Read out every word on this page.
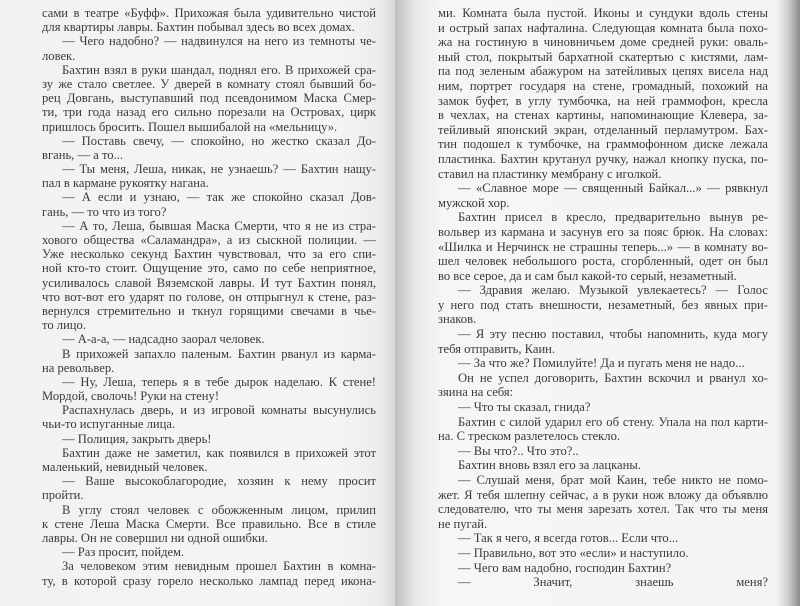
сами в театре «Буфф». Прихожая была удивительно чистой
для квартиры лавры. Бахтин побывал здесь во всех домах.
— Чего надобно? — надвинулся на него из темноты че-
ловек.
Бахтин взял в руки шандал, поднял его. В прихожей сра-
зу же стало светлее. У дверей в комнату стоял бывший бо-
рец Довгань, выступавший под псевдонимом Маска Смер-
ти, три года назад его сильно порезали на Островах, цирк
пришлось бросить. Пошел вышибалой на «мельницу».
— Поставь свечу, — спокойно, но жестко сказал До-
вгань, — а то...
— Ты меня, Леша, никак, не узнаешь? — Бахтин нащу-
пал в кармане рукоятку нагана.
— А если и узнаю, — так же спокойно сказал Дов-
гань, — то что из того?
— А то, Леша, бывшая Маска Смерти, что я не из стра-
хового общества «Саламандра», а из сыскной полиции. —
Уже несколько секунд Бахтин чувствовал, что за его спи-
ной кто-то стоит. Ощущение это, само по себе неприятное,
усиливалось славой Вяземской лавры. И тут Бахтин понял,
что вот-вот его ударят по голове, он отпрыгнул к стене, раз-
вернулся стремительно и ткнул горящими свечами в чье-
то лицо.
— А-а-а, — надсадно заорал человек.
В прихожей запахло паленым. Бахтин рванул из карма-
на револьвер.
— Ну, Леша, теперь я в тебе дырок наделаю. К стене!
Мордой, сволочь! Руки на стену!
Распахнулась дверь, и из игровой комнаты высунулись
чьи-то испуганные лица.
— Полиция, закрыть дверь!
Бахтин даже не заметил, как появился в прихожей этот
маленький, невидный человек.
— Ваше высокоблагородие, хозяин к нему просит
пройти.
В углу стоял человек с обожженным лицом, прилип
к стене Леша Маска Смерти. Все правильно. Все в стиле
лавры. Он не совершил ни одной ошибки.
— Раз просит, пойдем.
За человеком этим невидным прошел Бахтин в комна-
ту, в которой сразу горело несколько лампад перед икона-
ми. Комната была пустой. Иконы и сундуки вдоль стены
и острый запах нафталина. Следующая комната была похо-
жа на гостиную в чиновничьем доме средней руки: оваль-
ный стол, покрытый бархатной скатертью с кистями, лам-
па под зеленым абажуром на затейливых цепях висела над
ним, портрет государя на стене, громадный, похожий на
замок буфет, в углу тумбочка, на ней граммофон, кресла
в чехлах, на стенах картины, напоминающие Клевера, за-
тейливый японский экран, отделанный перламутром. Бах-
тин подошел к тумбочке, на граммофонном диске лежала
пластинка. Бахтин крутанул ручку, нажал кнопку пуска, по-
ставил на пластинку мембрану с иголкой.
— «Славное море — священный Байкал...» — рявкнул
мужской хор.
Бахтин присел в кресло, предварительно вынув ре-
вольвер из кармана и засунув его за пояс брюк. На словах:
«Шилка и Нерчинск не страшны теперь...» — в комнату во-
шел человек небольшого роста, сгорбленный, одет он был
во все серое, да и сам был какой-то серый, незаметный.
— Здравия желаю. Музыкой увлекаетесь? — Голос
у него под стать внешности, незаметный, без явных при-
знаков.
— Я эту песню поставил, чтобы напомнить, куда могу
тебя отправить, Каин.
— За что же? Помилуйте! Да и пугать меня не надо...
Он не успел договорить, Бахтин вскочил и рванул хо-
зяина на себя:
— Что ты сказал, гнида?
Бахтин с силой ударил его об стену. Упала на пол карти-
на. С треском разлетелось стекло.
— Вы что?.. Что это?..
Бахтин вновь взял его за лацканы.
— Слушай меня, брат мой Каин, тебе никто не помо-
жет. Я тебя шлепну сейчас, а в руки нож вложу да объявлю
следователю, что ты меня зарезать хотел. Так что ты меня
не пугай.
— Так я чего, я всегда готов... Если что...
— Правильно, вот это «если» и наступило.
— Чего вам надобно, господин Бахтин?
— Значит, знаешь меня?
